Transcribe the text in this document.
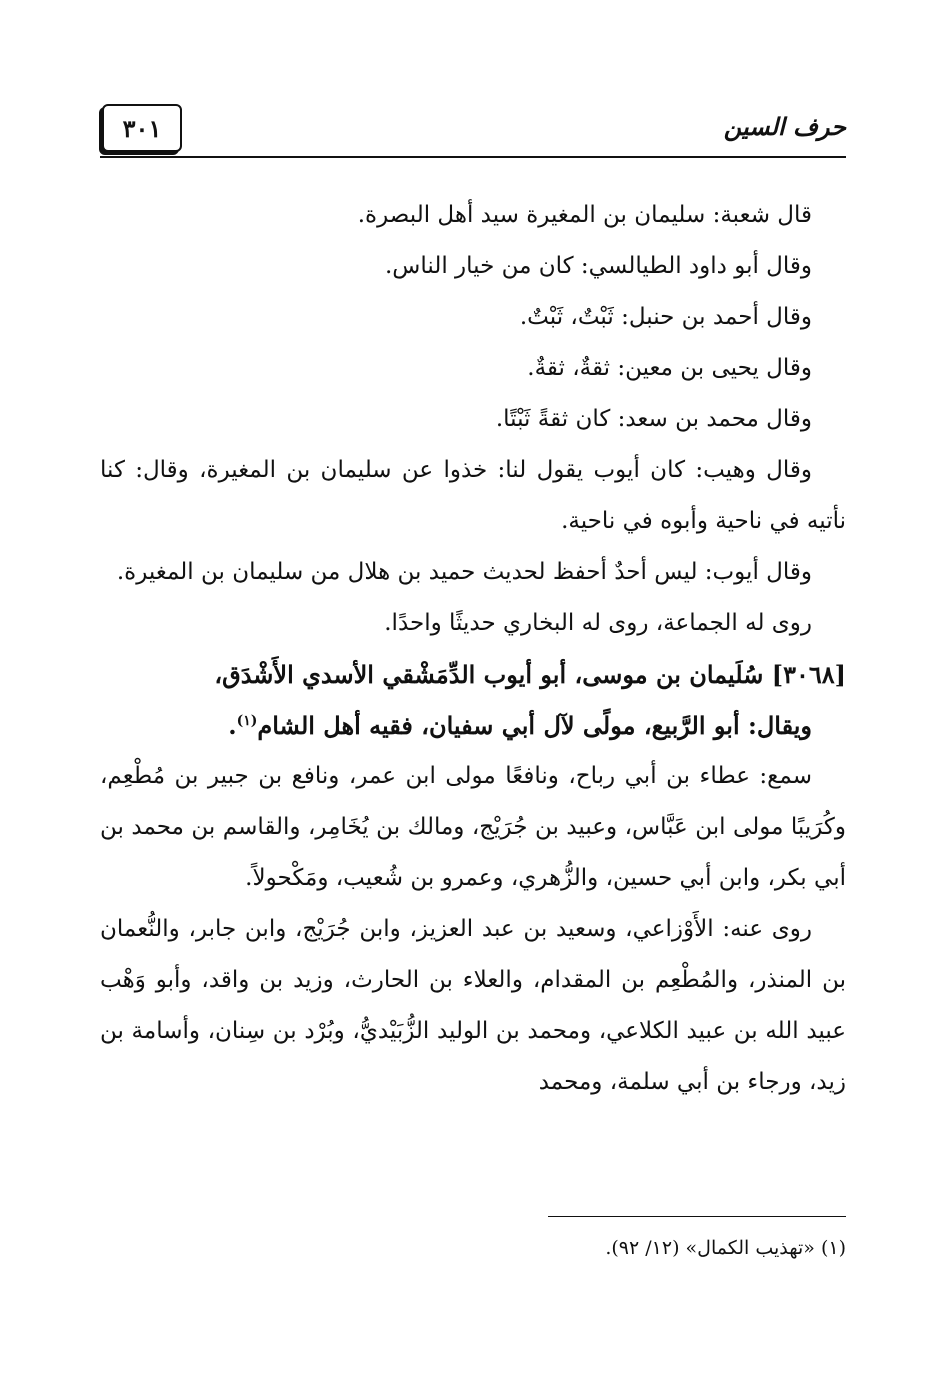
حرف السين
٣٠١

قال شعبة: سليمان بن المغيرة سيد أهل البصرة.

وقال أبو داود الطيالسي: كان من خيار الناس.

وقال أحمد بن حنبل: ثَبْتٌ، ثَبْتٌ.

وقال يحيى بن معين: ثقةٌ، ثقةٌ.

وقال محمد بن سعد: كان ثقةً ثَبْتًا.

وقال وهيب: كان أيوب يقول لنا: خذوا عن سليمان بن المغيرة، وقال: كنا نأتيه في ناحية وأبوه في ناحية.

وقال أيوب: ليس أحدٌ أحفظ لحديث حميد بن هلال من سليمان بن المغيرة.

روى له الجماعة، روى له البخاري حديثًا واحدًا.

[٣٠٦٨] سُلَيمان بن موسى، أبو أيوب الدِّمَشْقي الأسدي الأَشْدَق،

ويقال: أبو الرَّبيع، مولًى لآل أبي سفيان، فقيه أهل الشام$^{(١)}$.

سمع: عطاء بن أبي رباح، ونافعًا مولى ابن عمر، ونافع بن جبير بن مُطْعِم، وكُرَيبًا مولى ابن عَبَّاس، وعبيد بن جُرَيْج، ومالك بن يُخَامِر، والقاسم بن محمد بن أبي بكر، وابن أبي حسين، والزُّهري، وعمرو بن شُعيب، ومَكْحولاً.

روى عنه: الأَوْزاعي، وسعيد بن عبد العزيز، وابن جُرَيْج، وابن جابر، والنُّعمان بن المنذر، والمُطْعِم بن المقدام، والعلاء بن الحارث، وزيد بن واقد، وأبو وَهْب عبيد الله بن عبيد الكلاعي، ومحمد بن الوليد الزُّبَيْديُّ، وبُرْد بن سِنان، وأسامة بن زيد، ورجاء بن أبي سلمة، ومحمد

(١) «تهذيب الكمال» (١٢/ ٩٢).
